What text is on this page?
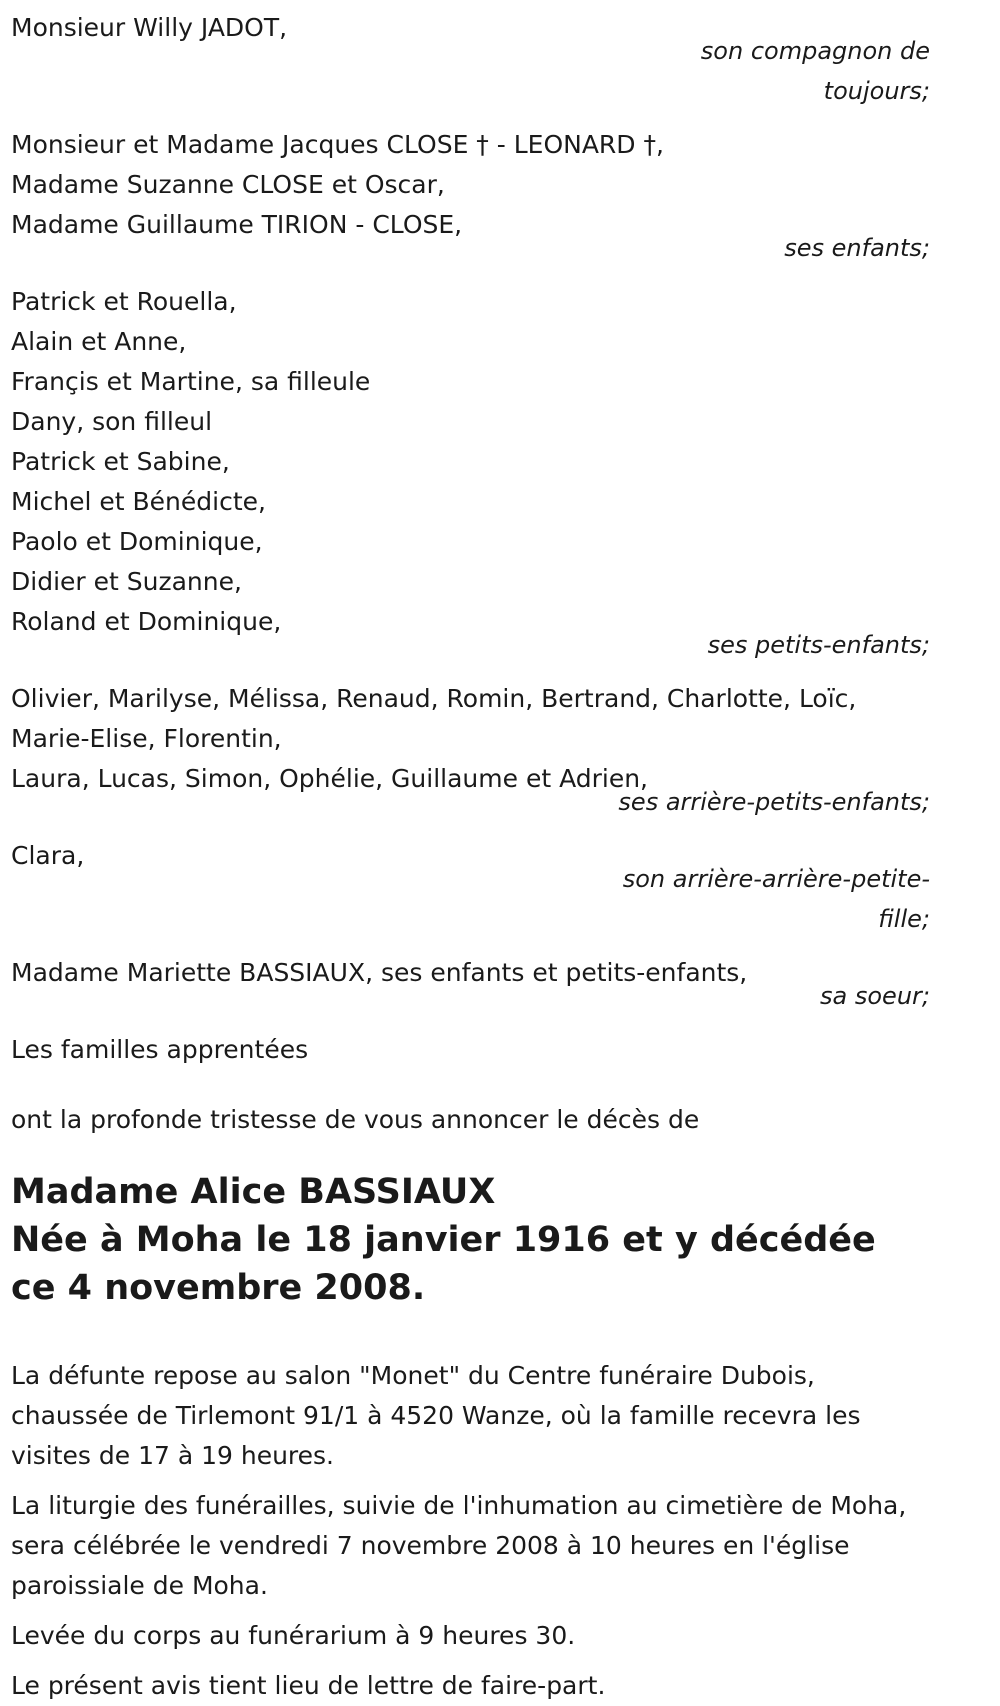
Monsieur Willy JADOT,

son compagnon de toujours;

Monsieur et Madame Jacques CLOSE † - LEONARD †,

Madame Suzanne CLOSE et Oscar,

Madame Guillaume TIRION - CLOSE,

ses enfants;

Patrick et Rouella,

Alain et Anne,

Françis et Martine, sa filleule

Dany, son filleul

Patrick et Sabine,

Michel et Bénédicte,

Paolo et Dominique,

Didier et Suzanne,

Roland et Dominique,

ses petits-enfants;

Olivier, Marilyse, Mélissa, Renaud, Romin, Bertrand, Charlotte, Loïc, Marie-Elise, Florentin,

Laura, Lucas, Simon, Ophélie, Guillaume et Adrien,

ses arrière-petits-enfants;

Clara,

son arrière-arrière-petite-fille;

Madame Mariette BASSIAUX, ses enfants et petits-enfants,

sa soeur;

Les familles apprentées

ont la profonde tristesse de vous annoncer le décès de

Madame Alice BASSIAUX
Née à Moha le 18 janvier 1916 et y décédée ce 4 novembre 2008.

La défunte repose au salon "Monet" du Centre funéraire Dubois, chaussée de Tirlemont 91/1 à 4520 Wanze, où la famille recevra les visites de 17 à 19 heures.

La liturgie des funérailles, suivie de l'inhumation au cimetière de Moha, sera célébrée le vendredi 7 novembre 2008 à 10 heures en l'église paroissiale de Moha.

Levée du corps au funérarium à 9 heures 30.

Le présent avis tient lieu de lettre de faire-part.
